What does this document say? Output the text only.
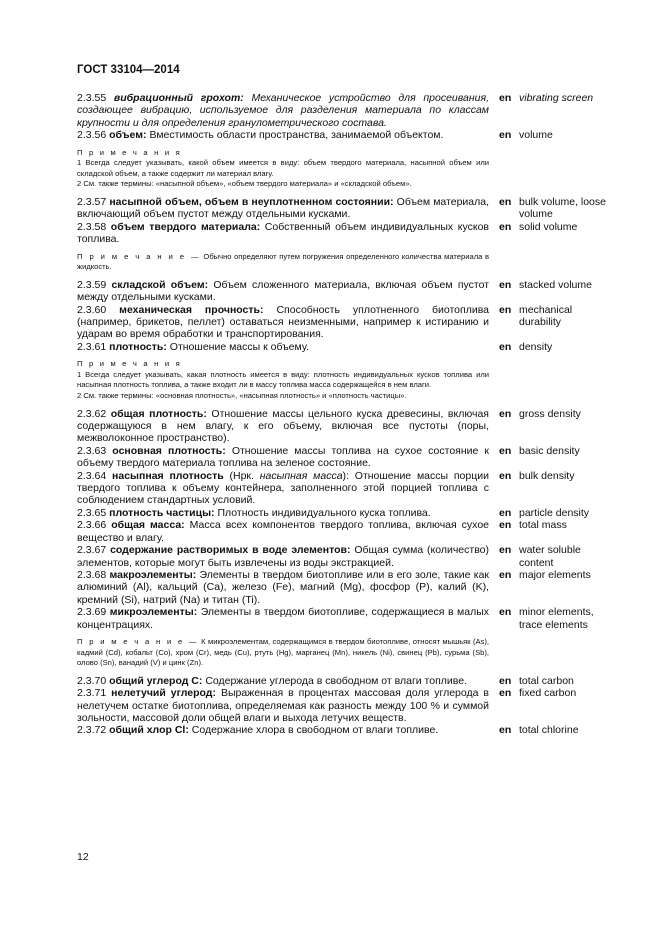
ГОСТ 33104—2014
2.3.55 вибрационный грохот: Механическое устройство для просеивания, создающее вибрацию, используемое для разделения материала по классам крупности и для определения гранулометрического состава.
en vibrating screen
2.3.56 объем: Вместимость области пространства, занимаемой объектом.	en volume
П р и м е ч а н и я
1 Всегда следует указывать, какой объем имеется в виду: объем твердого материала, насыпной объем или складской объем, а также содержит ли материал влагу.
2 См. также термины: «насыпной объем», «объем твердого материала» и «складской объем».
2.3.57 насыпной объем, объем в неуплотненном состоянии: Объем материала, включающий объем пустот между отдельными кусками.
en bulk volume, loose volume
2.3.58 объем твердого материала: Собственный объем индивидуальных кусков топлива.
en solid volume
П р и м е ч а н и е — Обычно определяют путем погружения определенного количества материала в жидкость.
2.3.59 складской объем: Объем сложенного материала, включая объем пустот между отдельными кусками.
en stacked volume
2.3.60 механическая прочность: Способность уплотненного биотоплива (например, брикетов, пеллет) оставаться неизменными, например к истиранию и ударам во время обработки и транспортирования.
en mechanical durability
2.3.61 плотность: Отношение массы к объему.	en density
П р и м е ч а н и я
1 Всегда следует указывать, какая плотность имеется в виду: плотность индивидуальных кусков топлива или насыпная плотность топлива, а также входит ли в массу топлива масса содержащейся в нем влаги.
2 См. также термины: «основная плотность», «насыпная плотность» и «плотность частицы».
2.3.62 общая плотность: Отношение массы цельного куска древесины, включая содержащуюся в нем влагу, к его объему, включая все пустоты (поры, межволоконное пространство).
en gross density
2.3.63 основная плотность: Отношение массы топлива на сухое состояние к объему твердого материала топлива на зеленое состояние.
en basic density
2.3.64 насыпная плотность (Нрк. насыпная масса): Отношение массы порции твердого топлива к объему контейнера, заполненного этой порцией топлива с соблюдением стандартных условий.
en bulk density
2.3.65 плотность частицы: Плотность индивидуального куска топлива.	en particle density
2.3.66 общая масса: Масса всех компонентов твердого топлива, включая сухое вещество и влагу.
en total mass
2.3.67 содержание растворимых в воде элементов: Общая сумма (количество) элементов, которые могут быть извлечены из воды экстракцией.
en water soluble content
2.3.68 макроэлементы: Элементы в твердом биотопливе или в его золе, такие как алюминий (Al), кальций (Ca), железо (Fe), магний (Mg), фосфор (P), калий (K), кремний (Si), натрий (Na) и титан (Ti).
en major elements
2.3.69 микроэлементы: Элементы в твердом биотопливе, содержащиеся в малых концентрациях.
en minor elements, trace elements
П р и м е ч а н и е — К микроэлементам, содержащимся в твердом биотопливе, относят мышьяк (As), кадмий (Cd), кобальт (Co), хром (Cr), медь (Cu), ртуть (Hg), марганец (Mn), никель (Ni), свинец (Pb), сурьма (Sb), олово (Sn), ванадий (V) и цинк (Zn).
2.3.70 общий углерод С: Содержание углерода в свободном от влаги топливе.	en total carbon
2.3.71 нелетучий углерод: Выраженная в процентах массовая доля углерода в нелетучем остатке биотоплива, определяемая как разность между 100 % и суммой зольности, массовой доли общей влаги и выхода летучих веществ.
en fixed carbon
2.3.72 общий хлор Cl: Содержание хлора в свободном от влаги топливе.	en total chlorine
12
